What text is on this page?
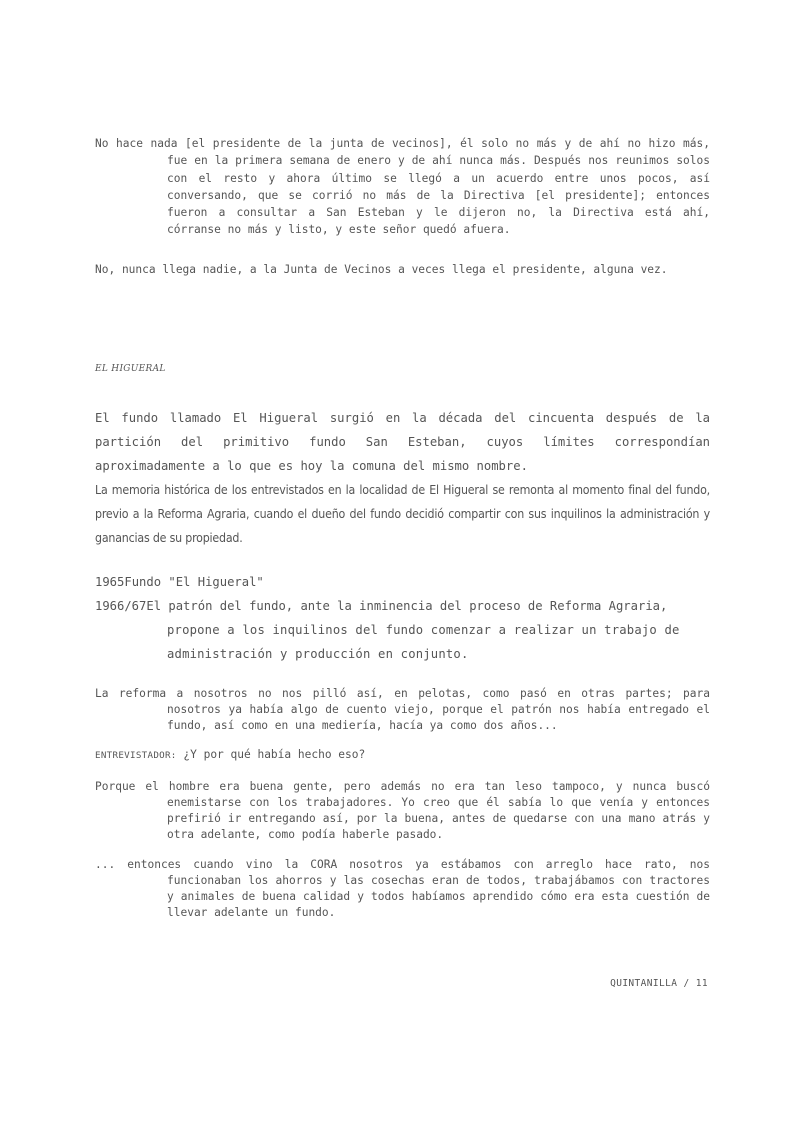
No hace nada [el presidente de la junta de vecinos], él solo no más y de ahí no hizo más, fue en la primera semana de enero y de ahí nunca más. Después nos reunimos solos con el resto y ahora último se llegó a un acuerdo entre unos pocos, así conversando, que se corrió no más de la Directiva [el presidente]; entonces fueron a consultar a San Esteban y le dijeron no, la Directiva está ahí, córranse no más y listo, y este señor quedó afuera.

No, nunca llega nadie, a la Junta de Vecinos a veces llega el presidente, alguna vez.

EL HIGUERAL

El fundo llamado El Higueral surgió en la década del cincuenta después de la partición del primitivo fundo San Esteban, cuyos límites correspondían aproximadamente a lo que es hoy la comuna del mismo nombre.

La memoria histórica de los entrevistados en la localidad de El Higueral se remonta al momento final del fundo, previo a la Reforma Agraria, cuando el dueño del fundo decidió compartir con sus inquilinos la administración y ganancias de su propiedad.

1965Fundo "El Higueral"
1966/67El patrón del fundo, ante la inminencia del proceso de Reforma Agraria,
propone a los inquilinos del fundo comenzar a realizar un trabajo de administración y producción en conjunto.

La reforma a nosotros no nos pilló así, en pelotas, como pasó en otras partes; para nosotros ya había algo de cuento viejo, porque el patrón nos había entregado el fundo, así como en una mediería, hacía ya como dos años...

ENTREVISTADOR: ¿Y por qué había hecho eso?

Porque el hombre era buena gente, pero además no era tan leso tampoco, y nunca buscó enemistarse con los trabajadores. Yo creo que él sabía lo que venía y entonces prefirió ir entregando así, por la buena, antes de quedarse con una mano atrás y otra adelante, como podía haberle pasado.

... entonces cuando vino la CORA nosotros ya estábamos con arreglo hace rato, nos funcionaban los ahorros y las cosechas eran de todos, trabajábamos con tractores y animales de buena calidad y todos habíamos aprendido cómo era esta cuestión de llevar adelante un fundo.

QUINTANILLA / 11
